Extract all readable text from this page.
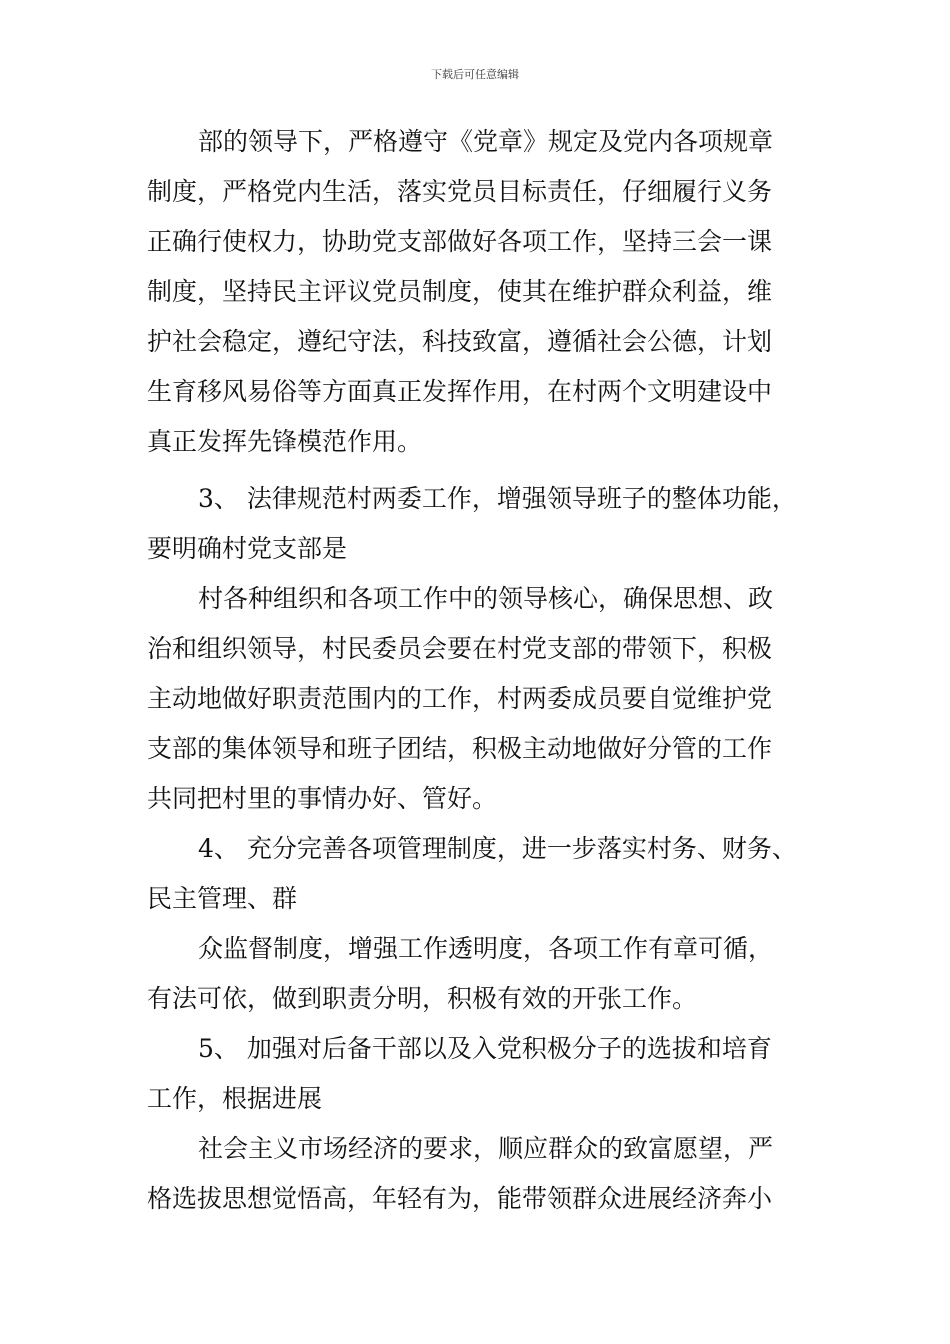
下载后可任意编辑
部的领导下，严格遵守《党章》规定及党内各项规章
制度，严格党内生活，落实党员目标责任，仔细履行义务
正确行使权力，协助党支部做好各项工作，坚持三会一课
制度，坚持民主评议党员制度，使其在维护群众利益，维
护社会稳定，遵纪守法，科技致富，遵循社会公德，计划
生育移风易俗等方面真正发挥作用，在村两个文明建设中
真正发挥先锋模范作用。
3、 法律规范村两委工作，增强领导班子的整体功能，
要明确村党支部是
村各种组织和各项工作中的领导核心，确保思想、政
治和组织领导，村民委员会要在村党支部的带领下，积极
主动地做好职责范围内的工作，村两委成员要自觉维护党
支部的集体领导和班子团结，积极主动地做好分管的工作
共同把村里的事情办好、管好。
4、 充分完善各项管理制度，进一步落实村务、财务、
民主管理、群
众监督制度，增强工作透明度，各项工作有章可循，
有法可依，做到职责分明，积极有效的开张工作。
5、 加强对后备干部以及入党积极分子的选拔和培育
工作，根据进展
社会主义市场经济的要求，顺应群众的致富愿望，严
格选拔思想觉悟高，年轻有为，能带领群众进展经济奔小
